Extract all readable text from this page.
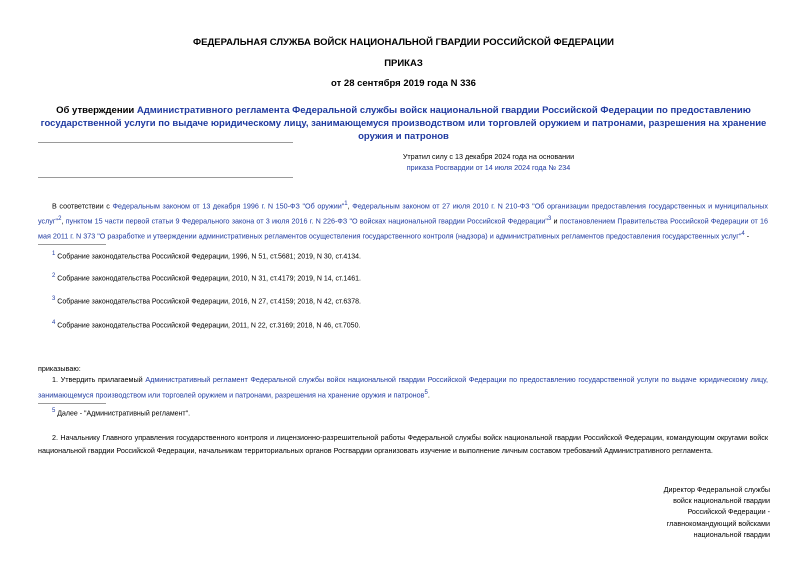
ФЕДЕРАЛЬНАЯ СЛУЖБА ВОЙСК НАЦИОНАЛЬНОЙ ГВАРДИИ РОССИЙСКОЙ ФЕДЕРАЦИИ
ПРИКАЗ
от 28 сентября 2019 года N 336
Об утверждении Административного регламента Федеральной службы войск национальной гвардии Российской Федерации по предоставлению государственной услуги по выдаче юридическому лицу, занимающемуся производством или торговлей оружием и патронами, разрешения на хранение оружия и патронов
Утратил силу с 13 декабря 2024 года на основании
приказа Росгвардии от 14 июля 2024 года № 234
В соответствии с Федеральным законом от 13 декабря 1996 г. N 150-ФЗ "Об оружии"$^1$, Федеральным законом от 27 июля 2010 г. N 210-ФЗ "Об организации предоставления государственных и муниципальных услуг"$^2$, пунктом 15 части первой статьи 9 Федерального закона от 3 июля 2016 г. N 226-ФЗ "О войсках национальной гвардии Российской Федерации"$^3$ и постановлением Правительства Российской Федерации от 16 мая 2011 г. N 373 "О разработке и утверждении административных регламентов осуществления государственного контроля (надзора) и административных регламентов предоставления государственных услуг"$^4$ -
1 Собрание законодательства Российской Федерации, 1996, N 51, ст.5681; 2019, N 30, ст.4134.
2 Собрание законодательства Российской Федерации, 2010, N 31, ст.4179; 2019, N 14, ст.1461.
3 Собрание законодательства Российской Федерации, 2016, N 27, ст.4159; 2018, N 42, ст.6378.
4 Собрание законодательства Российской Федерации, 2011, N 22, ст.3169; 2018, N 46, ст.7050.
приказываю:
1. Утвердить прилагаемый Административный регламент Федеральной службы войск национальной гвардии Российской Федерации по предоставлению государственной услуги по выдаче юридическому лицу, занимающемуся производством или торговлей оружием и патронами, разрешения на хранение оружия и патронов$^5$.
5 Далее - "Административный регламент".
2. Начальнику Главного управления государственного контроля и лицензионно-разрешительной работы Федеральной службы войск национальной гвардии Российской Федерации, командующим округами войск национальной гвардии Российской Федерации, начальникам территориальных органов Росгвардии организовать изучение и выполнение личным составом требований Административного регламента.
Директор Федеральной службы
войск национальной гвардии
Российской Федерации -
главнокомандующий войсками
национальной гвардии
